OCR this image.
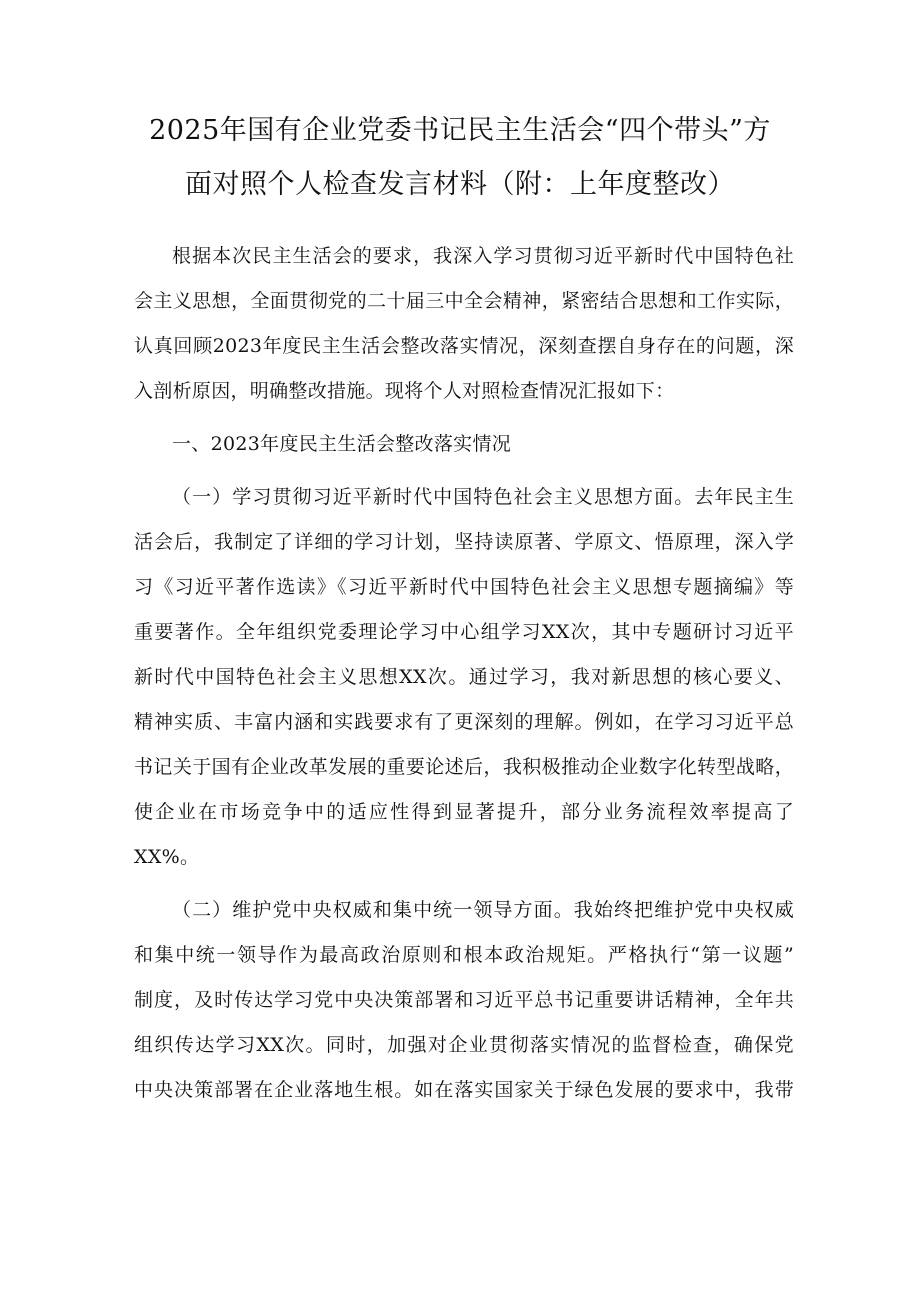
2025年国有企业党委书记民主生活会“四个带头”方
面对照个人检查发言材料（附：上年度整改）
根据本次民主生活会的要求，我深入学习贯彻习近平新时代中国特色社
会主义思想，全面贯彻党的二十届三中全会精神，紧密结合思想和工作实际，
认真回顾2023年度民主生活会整改落实情况，深刻查摆自身存在的问题，深
入剖析原因，明确整改措施。现将个人对照检查情况汇报如下：
一、2023年度民主生活会整改落实情况
（一）学习贯彻习近平新时代中国特色社会主义思想方面。去年民主生
活会后，我制定了详细的学习计划，坚持读原著、学原文、悟原理，深入学
习《习近平著作选读》《习近平新时代中国特色社会主义思想专题摘编》等
重要著作。全年组织党委理论学习中心组学习XX次，其中专题研讨习近平
新时代中国特色社会主义思想XX次。通过学习，我对新思想的核心要义、
精神实质、丰富内涵和实践要求有了更深刻的理解。例如，在学习习近平总
书记关于国有企业改革发展的重要论述后，我积极推动企业数字化转型战略，
使企业在市场竞争中的适应性得到显著提升，部分业务流程效率提高了
XX%。
（二）维护党中央权威和集中统一领导方面。我始终把维护党中央权威
和集中统一领导作为最高政治原则和根本政治规矩。严格执行“第一议题”
制度，及时传达学习党中央决策部署和习近平总书记重要讲话精神，全年共
组织传达学习XX次。同时，加强对企业贯彻落实情况的监督检查，确保党
中央决策部署在企业落地生根。如在落实国家关于绿色发展的要求中，我带
